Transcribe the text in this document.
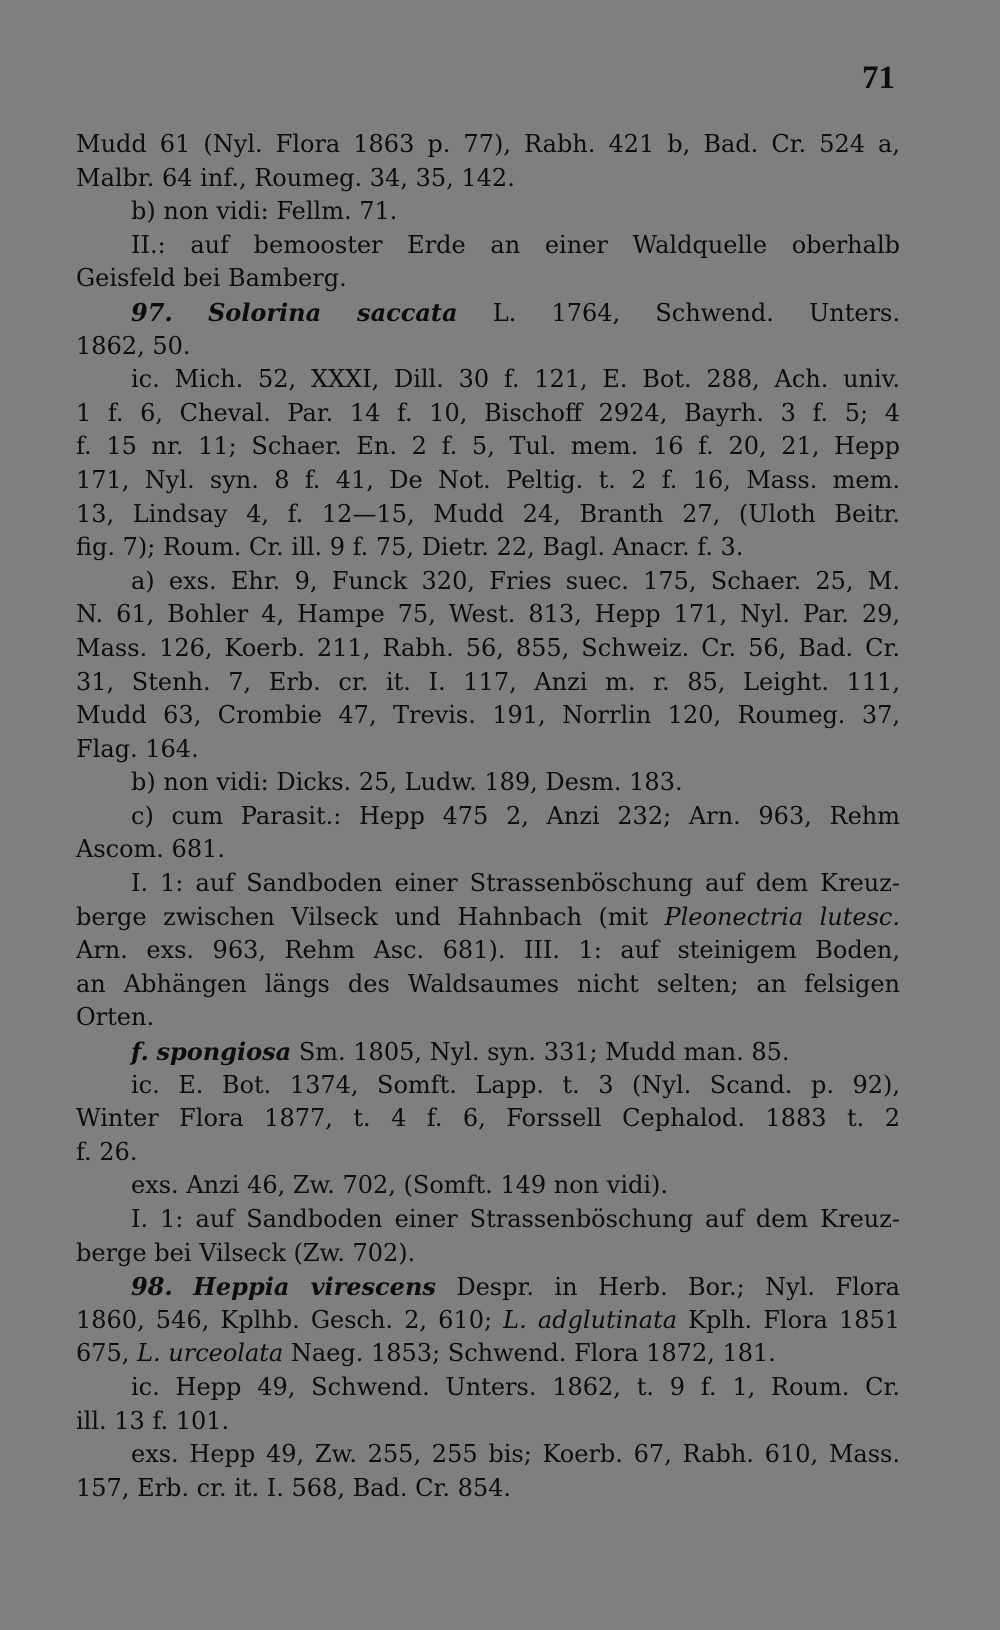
71
Mudd 61 (Nyl. Flora 1863 p. 77), Rabh. 421 b, Bad. Cr. 524 a,
Malbr. 64 inf., Roumeg. 34, 35, 142.
b) non vidi: Fellm. 71.
II.: auf bemooster Erde an einer Waldquelle oberhalb
Geisfeld bei Bamberg.
97. Solorina saccata L. 1764, Schwend. Unters.
1862, 50.
ic. Mich. 52, XXXI, Dill. 30 f. 121, E. Bot. 288, Ach. univ.
1 f. 6, Cheval. Par. 14 f. 10, Bischoff 2924, Bayrh. 3 f. 5; 4
f. 15 nr. 11; Schaer. En. 2 f. 5, Tul. mem. 16 f. 20, 21, Hepp
171, Nyl. syn. 8 f. 41, De Not. Peltig. t. 2 f. 16, Mass. mem.
13, Lindsay 4, f. 12—15, Mudd 24, Branth 27, (Uloth Beitr.
fig. 7); Roum. Cr. ill. 9 f. 75, Dietr. 22, Bagl. Anacr. f. 3.
a) exs. Ehr. 9, Funck 320, Fries suec. 175, Schaer. 25, M.
N. 61, Bohler 4, Hampe 75, West. 813, Hepp 171, Nyl. Par. 29,
Mass. 126, Koerb. 211, Rabh. 56, 855, Schweiz. Cr. 56, Bad. Cr.
31, Stenh. 7, Erb. cr. it. I. 117, Anzi m. r. 85, Leight. 111,
Mudd 63, Crombie 47, Trevis. 191, Norrlin 120, Roumeg. 37,
Flag. 164.
b) non vidi: Dicks. 25, Ludw. 189, Desm. 183.
c) cum Parasit.: Hepp 475 2, Anzi 232; Arn. 963, Rehm
Ascom. 681.
I. 1: auf Sandboden einer Strassenböschung auf dem Kreuz-
berge zwischen Vilseck und Hahnbach (mit Pleonectria lutesc.
Arn. exs. 963, Rehm Asc. 681). III. 1: auf steinigem Boden,
an Abhängen längs des Waldsaumes nicht selten; an felsigen
Orten.
f. spongiosa Sm. 1805, Nyl. syn. 331; Mudd man. 85.
ic. E. Bot. 1374, Somft. Lapp. t. 3 (Nyl. Scand. p. 92),
Winter Flora 1877, t. 4 f. 6, Forssell Cephalod. 1883 t. 2
f. 26.
exs. Anzi 46, Zw. 702, (Somft. 149 non vidi).
I. 1: auf Sandboden einer Strassenböschung auf dem Kreuz-
berge bei Vilseck (Zw. 702).
98. Heppia virescens Despr. in Herb. Bor.; Nyl. Flora
1860, 546, Kplhb. Gesch. 2, 610; L. adglutinata Kplh. Flora 1851
675, L. urceolata Naeg. 1853; Schwend. Flora 1872, 181.
ic. Hepp 49, Schwend. Unters. 1862, t. 9 f. 1, Roum. Cr.
ill. 13 f. 101.
exs. Hepp 49, Zw. 255, 255 bis; Koerb. 67, Rabh. 610, Mass.
157, Erb. cr. it. I. 568, Bad. Cr. 854.
